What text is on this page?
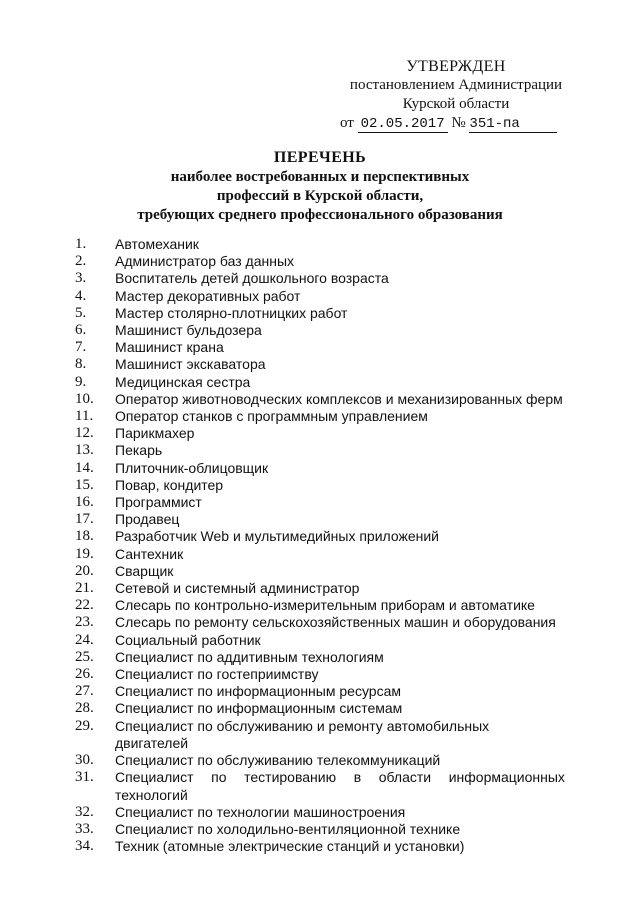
УТВЕРЖДЕН
постановлением Администрации
Курской области
от 02.05.2017 № 351-па
ПЕРЕЧЕНЬ
наиболее востребованных и перспективных
профессий в Курской области,
требующих среднего профессионального образования
1. Автомеханик
2. Администратор баз данных
3. Воспитатель детей дошкольного возраста
4. Мастер декоративных работ
5. Мастер столярно-плотницких работ
6. Машинист бульдозера
7. Машинист крана
8. Машинист экскаватора
9. Медицинская сестра
10. Оператор животноводческих комплексов и механизированных ферм
11. Оператор станков с программным управлением
12. Парикмахер
13. Пекарь
14. Плиточник-облицовщик
15. Повар, кондитер
16. Программист
17. Продавец
18. Разработчик Web и мультимедийных приложений
19. Сантехник
20. Сварщик
21. Сетевой и системный администратор
22. Слесарь по контрольно-измерительным приборам и автоматике
23. Слесарь по ремонту сельскохозяйственных машин и оборудования
24. Социальный работник
25. Специалист по аддитивным технологиям
26. Специалист по гостеприимству
27. Специалист по информационным ресурсам
28. Специалист по информационным системам
29. Специалист по обслуживанию и ремонту автомобильных двигателей
30. Специалист по обслуживанию телекоммуникаций
31. Специалист по тестированию в области информационных
технологий
32. Специалист по технологии машиностроения
33. Специалист по холодильно-вентиляционной технике
34. Техник (атомные электрические станций и установки)
